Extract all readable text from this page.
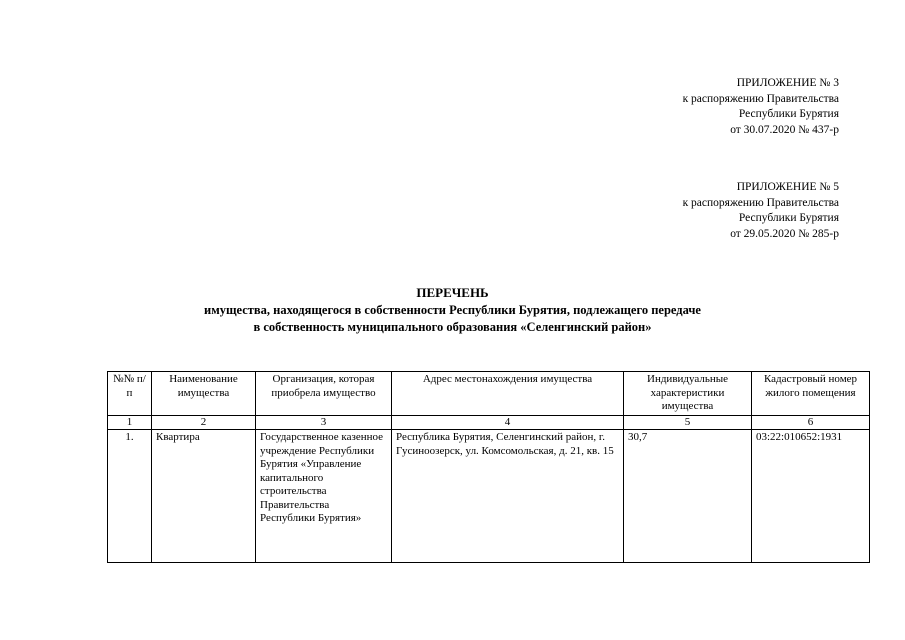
ПРИЛОЖЕНИЕ № 3
к распоряжению Правительства
Республики Бурятия
от 30.07.2020 № 437-р
ПРИЛОЖЕНИЕ № 5
к распоряжению Правительства
Республики Бурятия
от 29.05.2020 № 285-р
ПЕРЕЧЕНЬ
имущества, находящегося в собственности Республики Бурятия, подлежащего передаче
в собственность муниципального образования «Селенгинский район»
№№ п/п	Наименование имущества	Организация, которая приобрела имущество	Адрес местонахождения имущества	Индивидуальные характеристики имущества	Кадастровый номер жилого помещения
1	2	3	4	5	6
1.	Квартира	Государственное казенное учреждение Республики Бурятия «Управление капитального строительства Правительства Республики Бурятия»	Республика Бурятия, Селенгинский район, г. Гусиноозерск, ул. Комсомольская, д. 21, кв. 15	30,7	03:22:010652:1931
